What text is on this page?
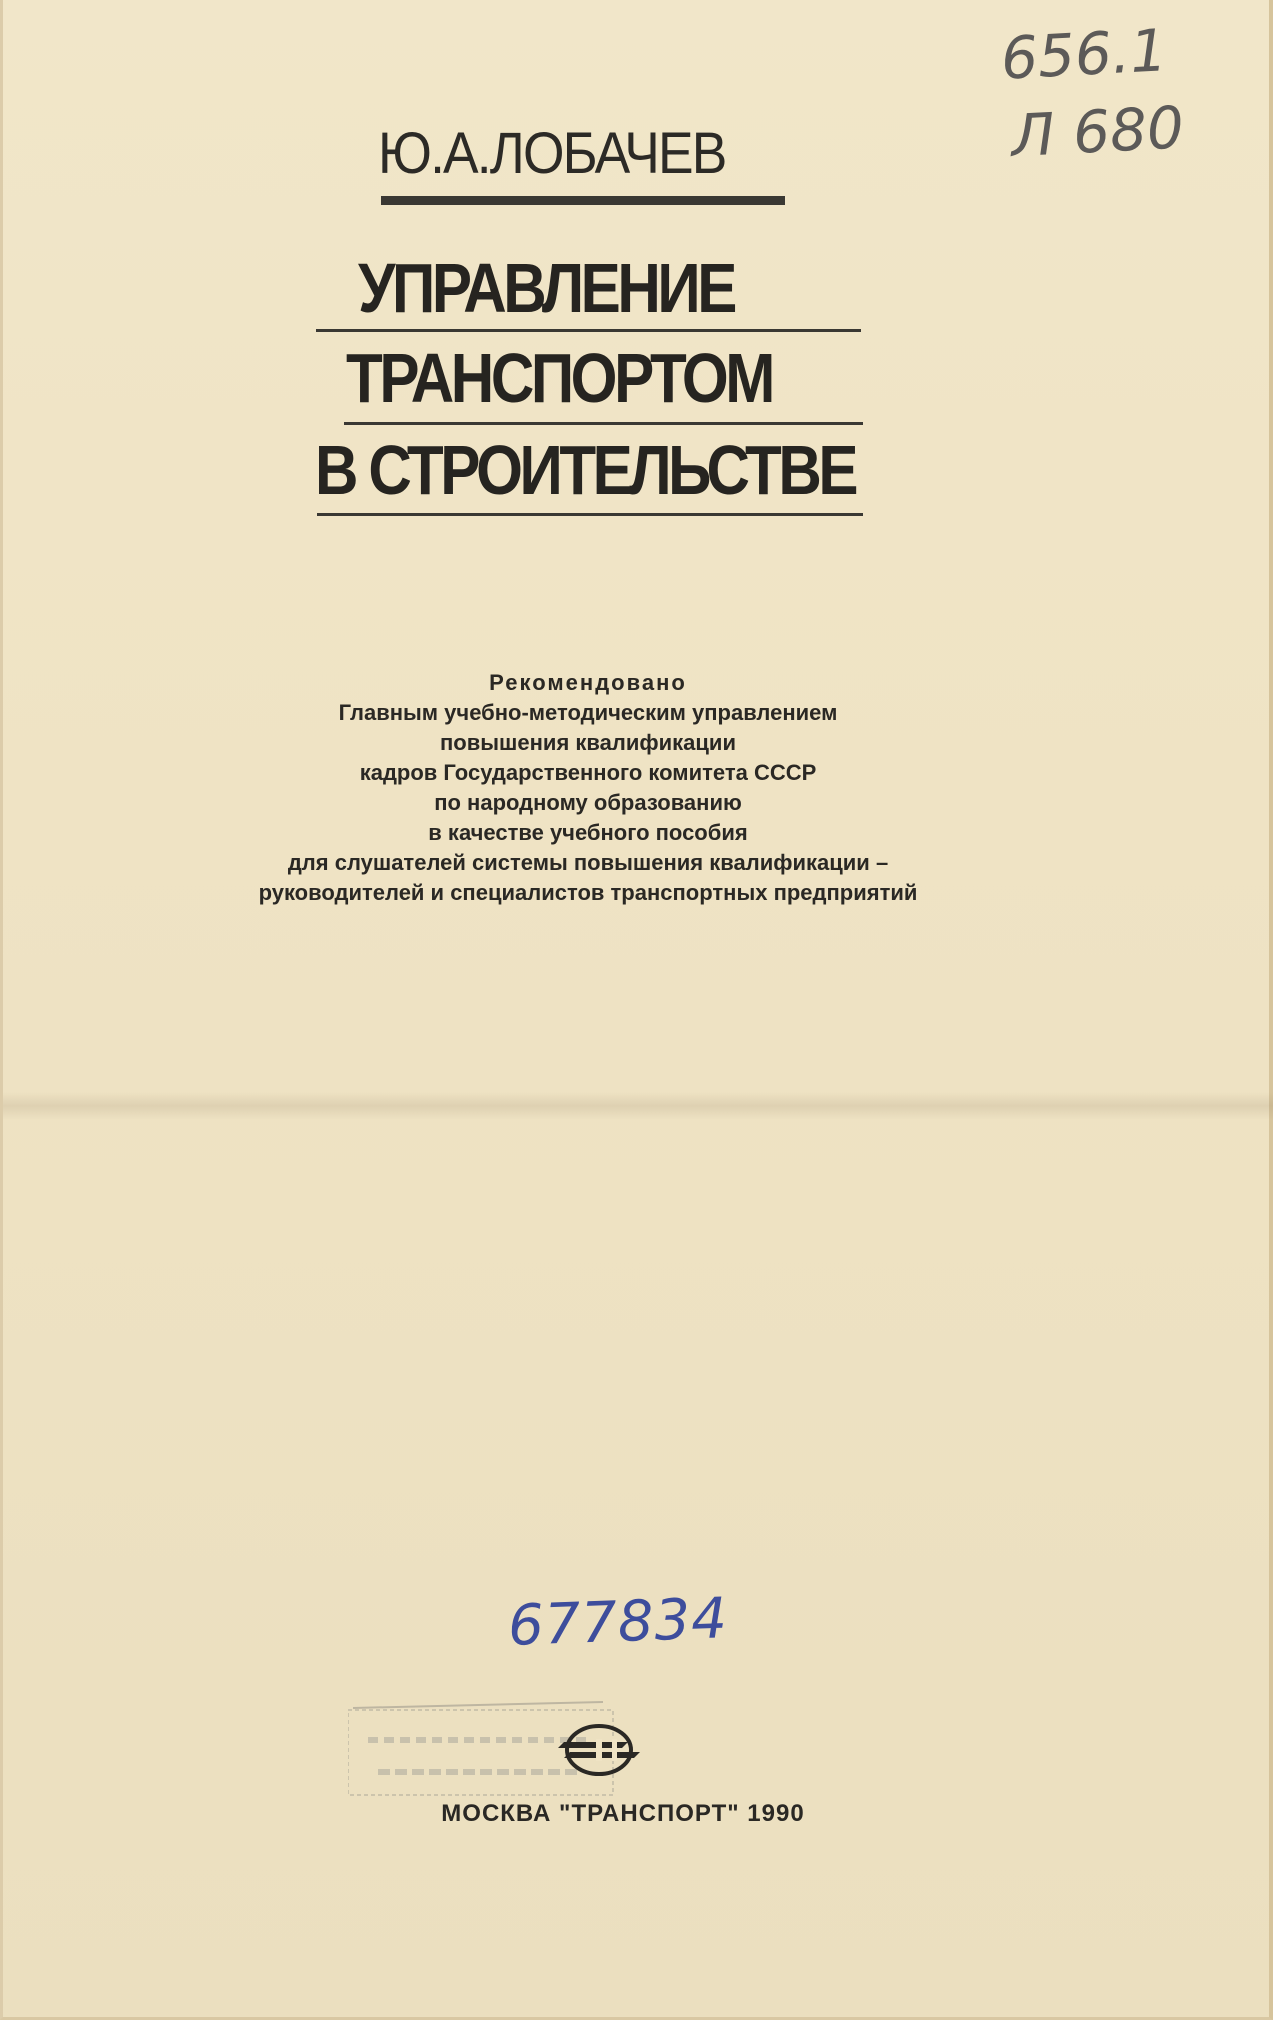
656.1
Л 680
Ю.А.ЛОБАЧЕВ
УПРАВЛЕНИЕ
ТРАНСПОРТОМ
В СТРОИТЕЛЬСТВЕ
Рекомендовано
Главным учебно-методическим управлением
повышения квалификации
кадров Государственного комитета СССР
по народному образованию
в качестве учебного пособия
для слушателей системы повышения квалификации –
руководителей и специалистов транспортных предприятий
677834
МОСКВА "ТРАНСПОРТ" 1990
